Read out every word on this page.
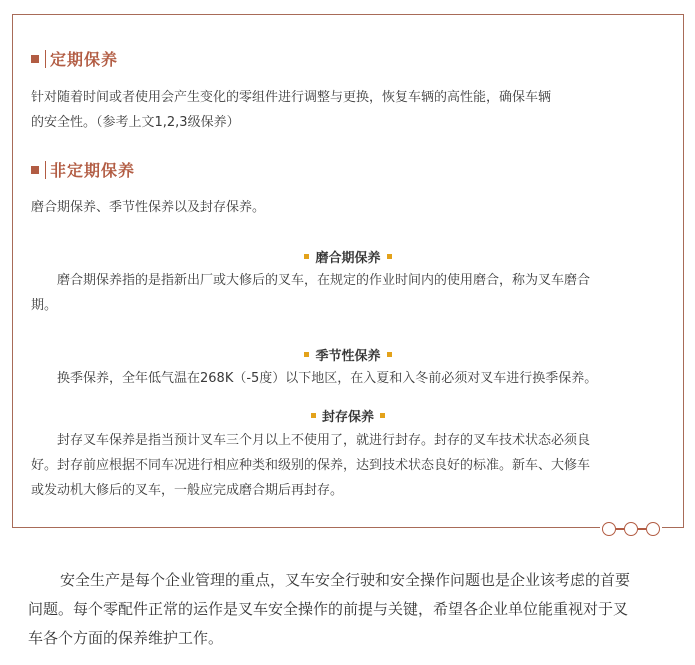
定期保养
针对随着时间或者使用会产生变化的零组件进行调整与更换，恢复车辆的高性能，确保车辆
的安全性。（参考上文1,2,3级保养）
非定期保养
磨合期保养、季节性保养以及封存保养。
磨合期保养
磨合期保养指的是指新出厂或大修后的叉车，在规定的作业时间内的使用磨合，称为叉车磨合
期。
季节性保养
换季保养，全年低气温在268K（-5度）以下地区，在入夏和入冬前必须对叉车进行换季保养。
封存保养
封存叉车保养是指当预计叉车三个月以上不使用了，就进行封存。封存的叉车技术状态必须良
好。封存前应根据不同车况进行相应种类和级别的保养，达到技术状态良好的标准。新车、大修车
或发动机大修后的叉车，一般应完成磨合期后再封存。
安全生产是每个企业管理的重点，叉车安全行驶和安全操作问题也是企业该考虑的首要
问题。每个零配件正常的运作是叉车安全操作的前提与关键，希望各企业单位能重视对于叉
车各个方面的保养维护工作。
